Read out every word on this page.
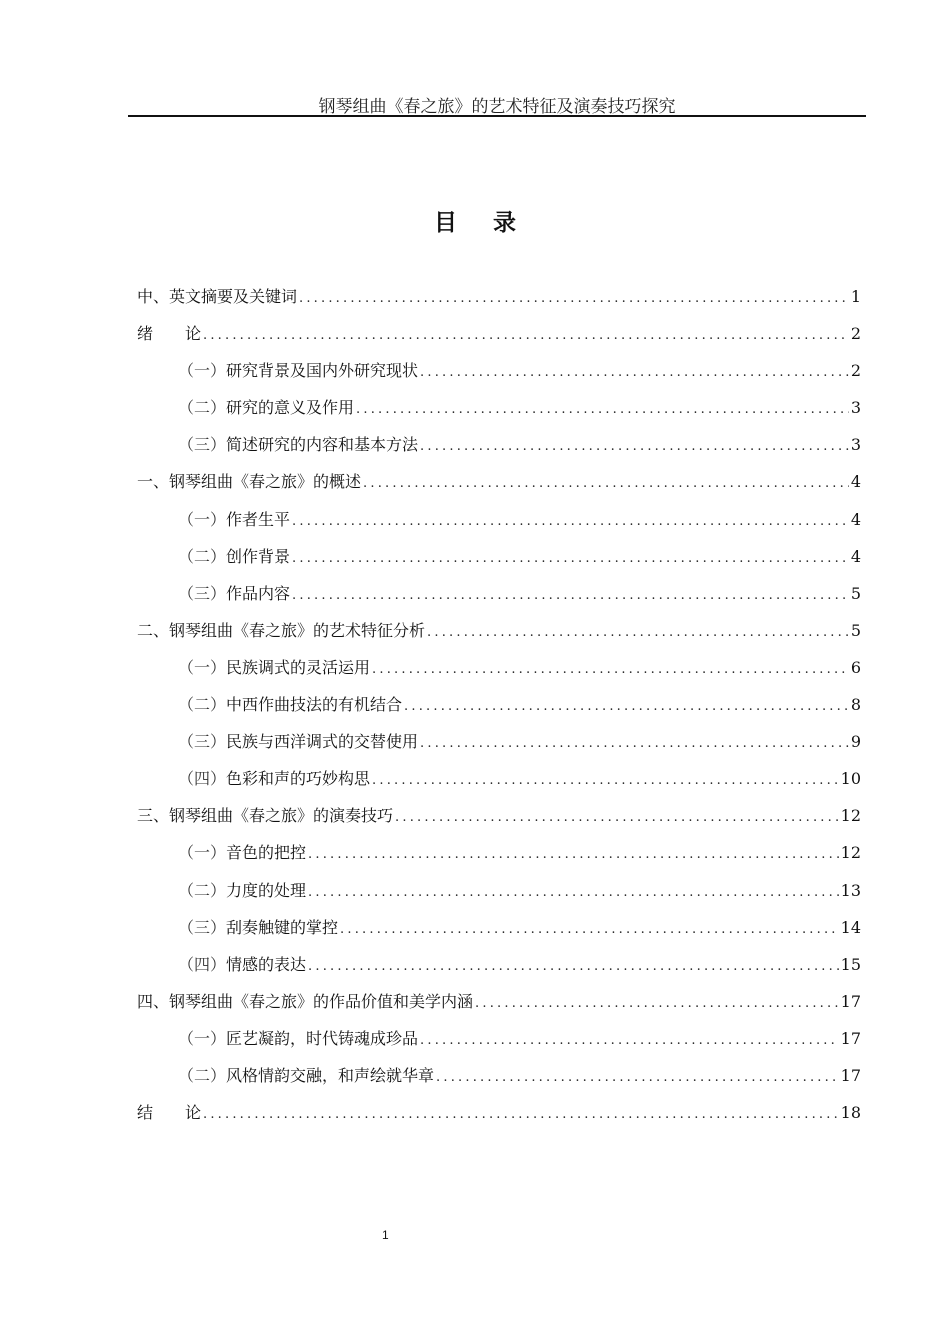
钢琴组曲《春之旅》的艺术特征及演奏技巧探究
目 录
中、英文摘要及关键词 .....	1
绪　　论 .....	2
（一） 研究背景及国内外研究现状 .....	2
（二） 研究的意义及作用 .....	3
（三） 简述研究的内容和基本方法 .....	3
一、 钢琴组曲《春之旅》的概述 .....	4
（一） 作者生平 .....	4
（二） 创作背景 .....	4
（三） 作品内容 .....	5
二、 钢琴组曲《春之旅》的艺术特征分析 .....	5
（一） 民族调式的灵活运用 .....	6
（二） 中西作曲技法的有机结合 .....	8
（三） 民族与西洋调式的交替使用 .....	9
（四） 色彩和声的巧妙构思 .....	10
三、 钢琴组曲《春之旅》的演奏技巧 .....	12
（一） 音色的把控 .....	12
（二） 力度的处理 .....	13
（三） 刮奏触键的掌控 .....	14
（四） 情感的表达 .....	15
四、 钢琴组曲《春之旅》的作品价值和美学内涵 .....	17
（一） 匠艺凝韵，时代铸魂成珍品 .....	17
（二） 风格情韵交融，和声绘就华章 .....	17
结　　论 .....	18
1
